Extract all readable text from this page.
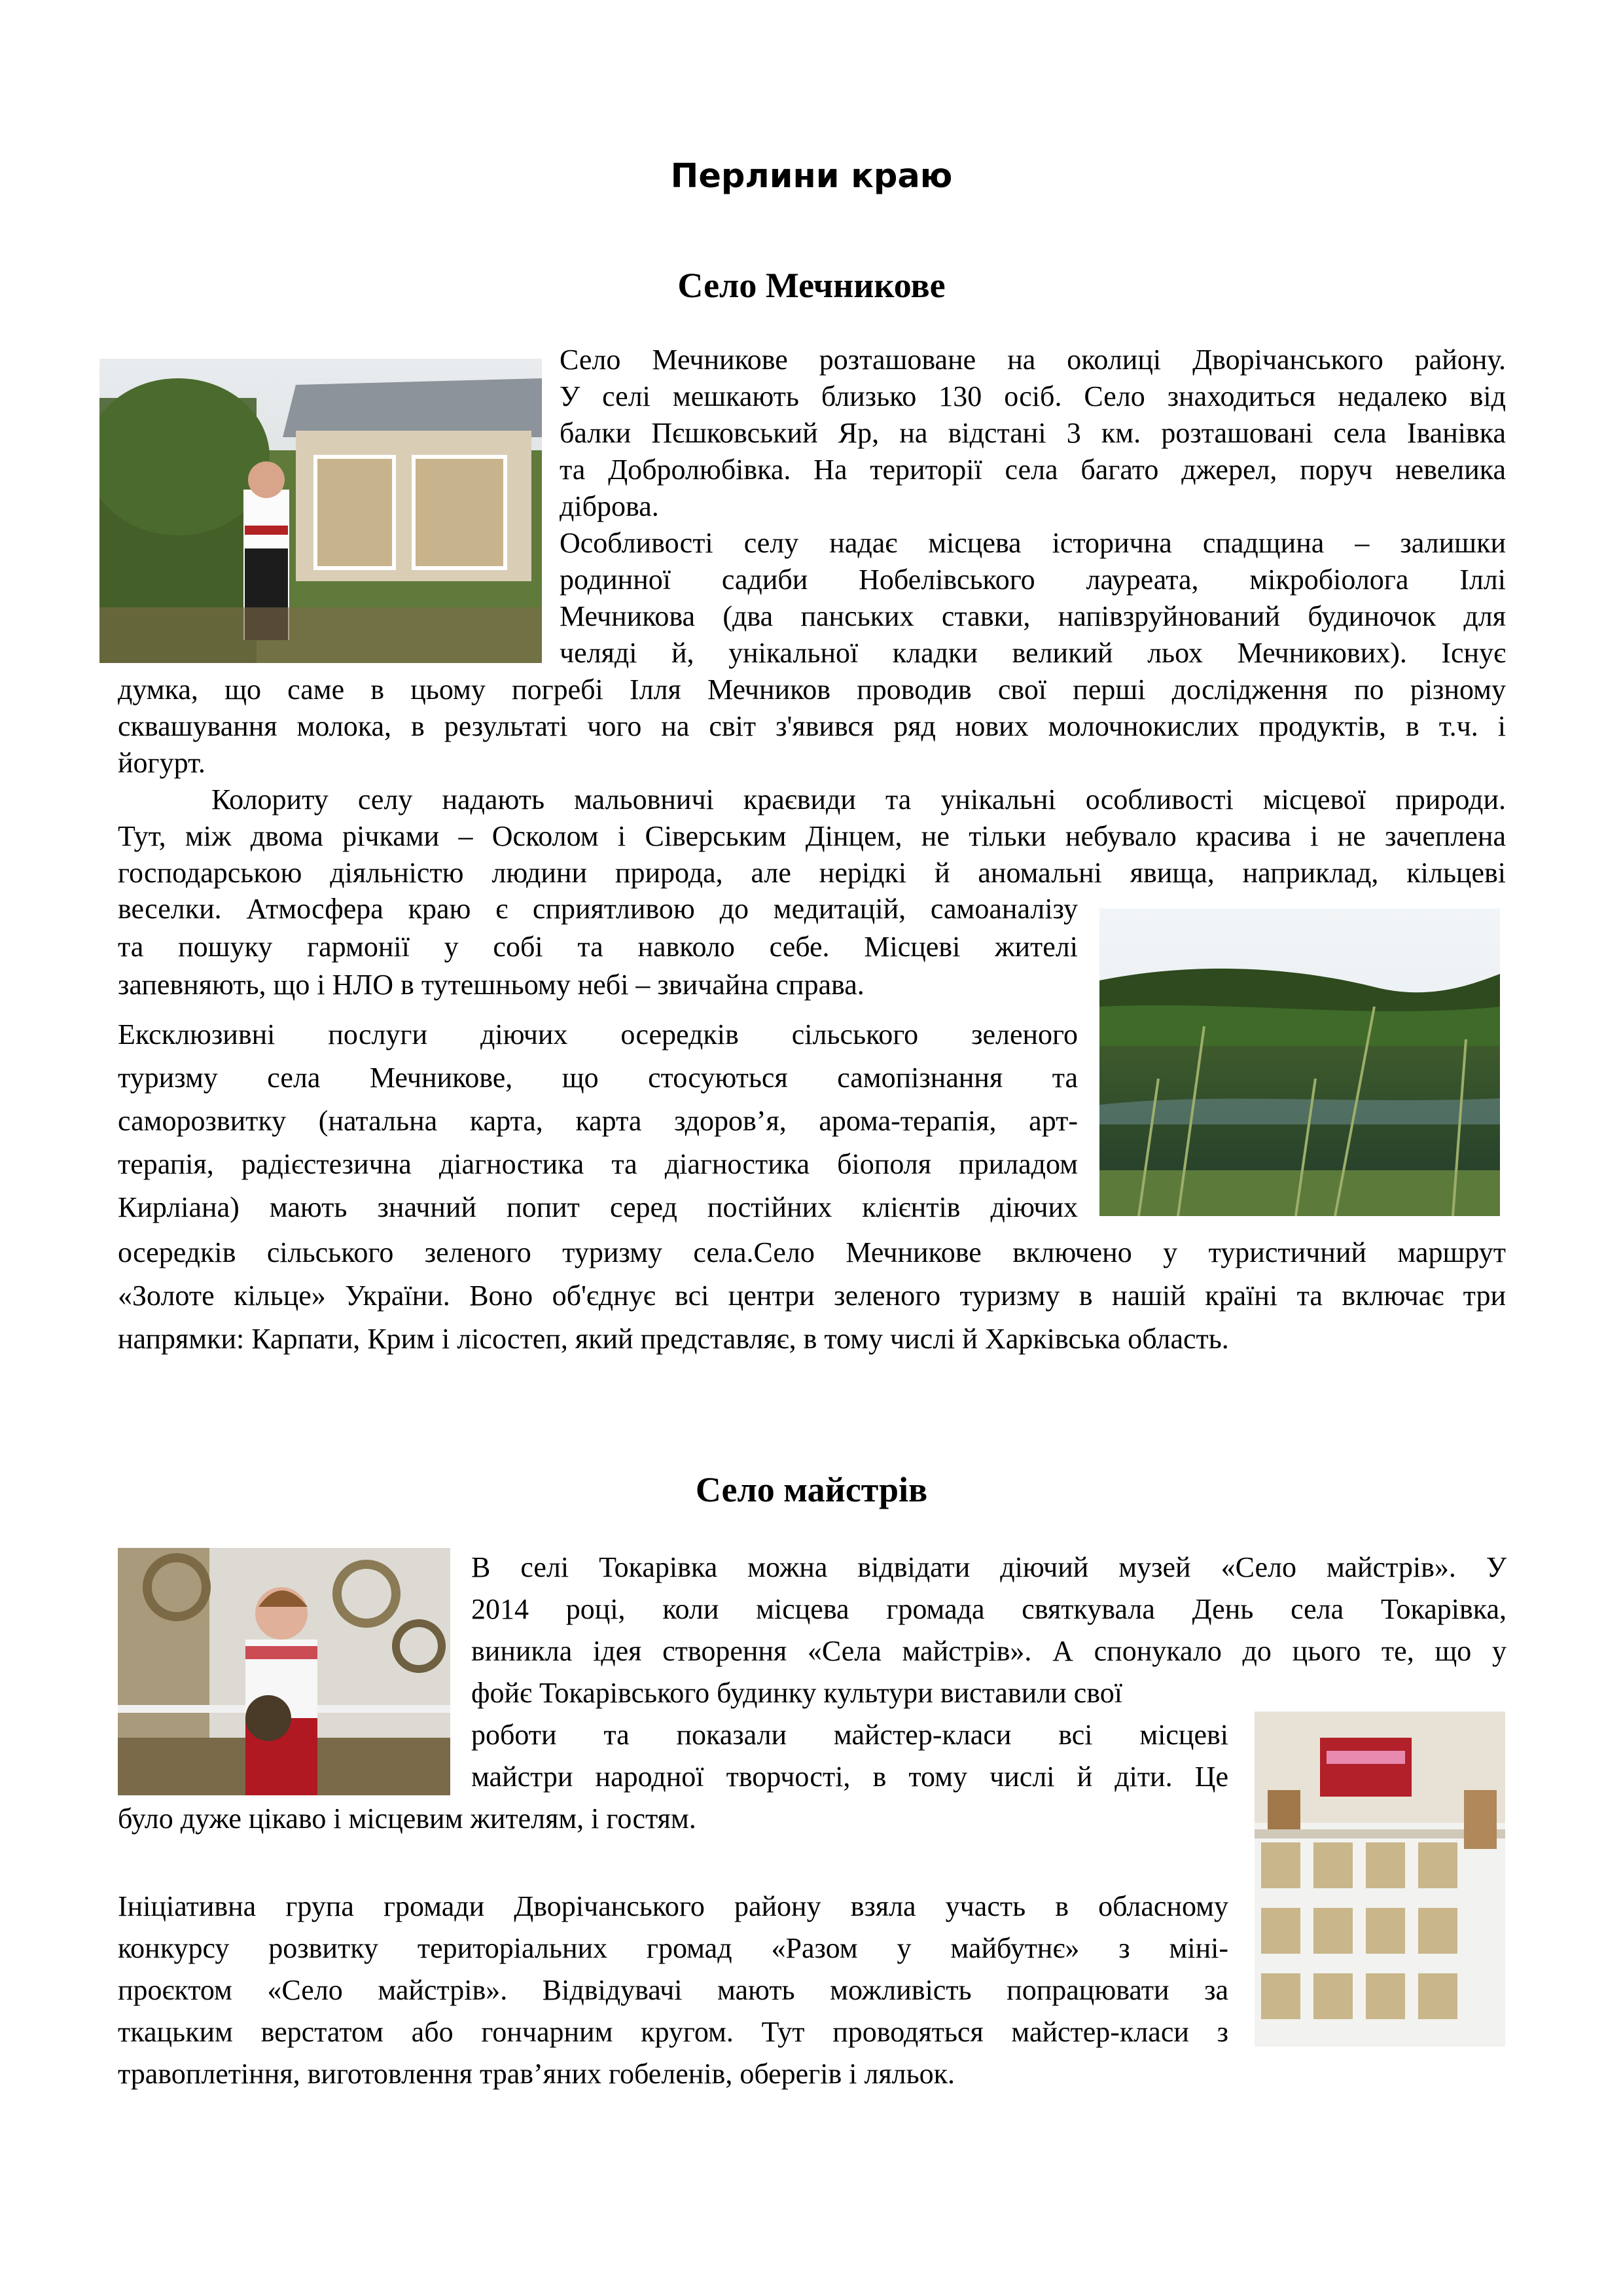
Перлини краю
Село Мечникове
Село Мечникове розташоване на околиці Дворічанського району.
У селі мешкають близько 130 осіб. Село знаходиться недалеко від
балки Пєшковський Яр, на відстані 3 км. розташовані села Іванівка
та Добролюбівка. На території села багато джерел, поруч невелика
діброва.
Особливості селу надає місцева історична спадщина – залишки
родинної садиби Нобелівського лауреата, мікробіолога Іллі
Мечникова (два панських ставки, напівзруйнований будиночок для
челяді й, унікальної кладки великий льох Мечникових). Існує
думка, що саме в цьому погребі Ілля Мечников проводив свої перші дослідження по різному
сквашування молока, в результаті чого на світ з'явився ряд нових молочнокислих продуктів, в т.ч. і
йогурт.
Колориту селу надають мальовничі краєвиди та унікальні особливості місцевої природи.
Тут, між двома річками – Осколом і Сіверським Дінцем, не тільки небувало красива і не зачеплена
господарською діяльністю людини природа, але нерідкі й аномальні явища, наприклад, кільцеві
веселки. Атмосфера краю є сприятливою до медитацій, самоаналізу
та пошуку гармонії у собі та навколо себе. Місцеві жителі
запевняють, що і НЛО в тутешньому небі – звичайна справа.
Ексклюзивні послуги діючих осередків сільського зеленого
туризму села Мечникове, що стосуються самопізнання та
саморозвитку (натальна карта, карта здоров’я, арома-терапія, арт-
терапія, радієстезична діагностика та діагностика біополя приладом
Кирліана) мають значний попит серед постійних клієнтів діючих
осередків сільського зеленого туризму села.Село Мечникове включено у туристичний маршрут
«Золоте кільце» України. Воно об'єднує всі центри зеленого туризму в нашій країні та включає три
напрямки: Карпати, Крим і лісостеп, який представляє, в тому числі й Харківська область.
Село майстрів
В селі Токарівка можна відвідати діючий музей «Село майстрів». У
2014 році, коли місцева громада святкувала День села Токарівка,
виникла ідея створення «Села майстрів». А спонукало до цього те, що у
фойє Токарівського будинку культури виставили свої
роботи та показали майстер-класи всі місцеві
майстри народної творчості, в тому числі й діти. Це
було дуже цікаво і місцевим жителям, і гостям.
Ініціативна група громади Дворічанського району взяла участь в обласному
конкурсу розвитку територіальних громад «Разом у майбутнє» з міні-
проєктом «Село майстрів». Відвідувачі мають можливість попрацювати за
ткацьким верстатом або гончарним кругом. Тут проводяться майстер-класи з
травоплетіння, виготовлення трав’яних гобеленів, оберегів і ляльок.
